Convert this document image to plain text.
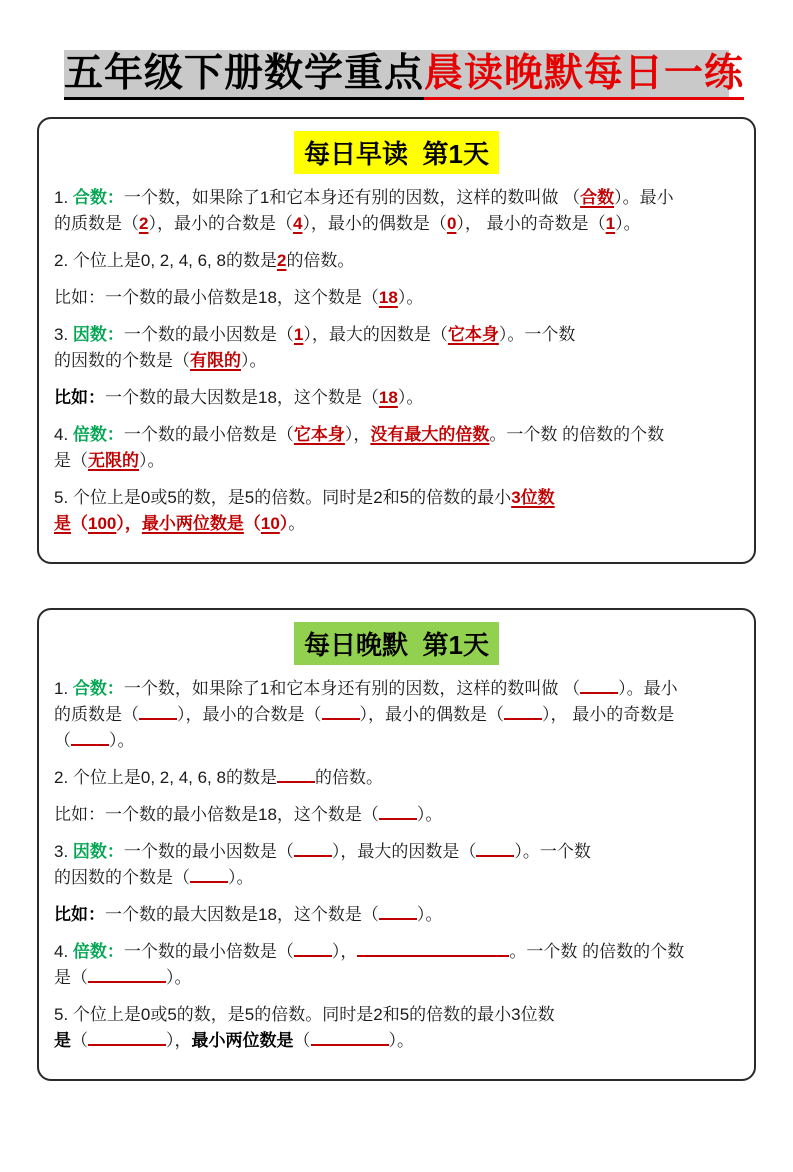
五年级下册数学重点晨读晚默每日一练
每日早读  第1天

1. 合数：一个数，如果除了1和它本身还有别的因数，这样的数叫做 （合数）。最小
的质数是（2），最小的合数是（4），最小的偶数是（0）， 最小的奇数是（1）。

2. 个位上是0, 2, 4, 6, 8的数是2的倍数。

比如：一个数的最小倍数是18，这个数是（18）。

3. 因数：一个数的最小因数是（1），最大的因数是（它本身）。一个数
的因数的个数是（有限的）。

比如：一个数的最大因数是18，这个数是（18）。

4. 倍数：一个数的最小倍数是（它本身），没有最大的倍数。一个数 的倍数的个数
是（无限的）。

5. 个位上是0或5的数，是5的倍数。同时是2和5的倍数的最小3位数
是（100），最小两位数是（10）。

每日晚默  第1天

1. 合数：一个数，如果除了1和它本身还有别的因数，这样的数叫做 （ ）。最小
的质数是（ ），最小的合数是（ ），最小的偶数是（ ）， 最小的奇数是
（ ）。

2. 个位上是0, 2, 4, 6, 8的数是 的倍数。

比如：一个数的最小倍数是18，这个数是（ ）。

3. 因数：一个数的最小因数是（ ），最大的因数是（ ）。一个数
的因数的个数是（ ）。

比如：一个数的最大因数是18，这个数是（ ）。

4. 倍数：一个数的最小倍数是（ ），	。一个数 的倍数的个数
是（	）。

5. 个位上是0或5的数，是5的倍数。同时是2和5的倍数的最小3位数
是（	），最小两位数是（	）。
